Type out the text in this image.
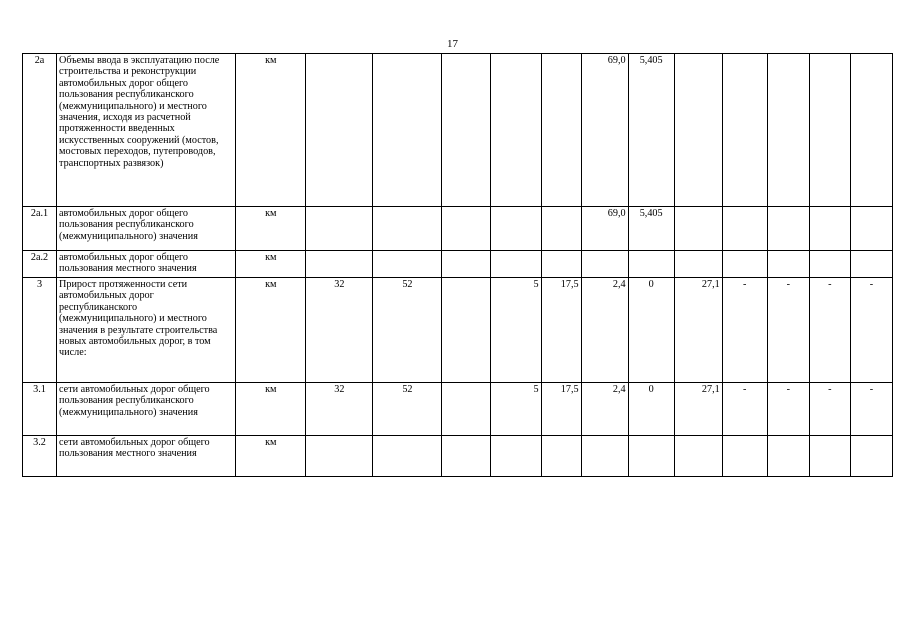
17
2а	Объемы ввода в эксплуатацию после строительства и реконструкции автомобильных дорог общего пользования республиканского (межмуниципального) и местного значения, исходя из расчетной протяженности введенных искусственных сооружений (мостов, мостовых переходов, путепроводов, транспортных развязок)	км						69,0	5,405					
2а.1	автомобильных дорог общего пользования республиканского (межмуниципального) значения	км						69,0	5,405					
2а.2	автомобильных дорог общего пользования местного значения	км												
3	Прирост протяженности сети автомобильных дорог республиканского (межмуниципального) и местного значения в результате строительства новых автомобильных дорог, в том числе:	км	32	52		5	17,5	2,4	0	27,1	-	-	-	-
3.1	сети автомобильных дорог общего пользования республиканского (межмуниципального) значения	км	32	52		5	17,5	2,4	0	27,1	-	-	-	-
3.2	сети автомобильных дорог общего пользования местного значения	км												
